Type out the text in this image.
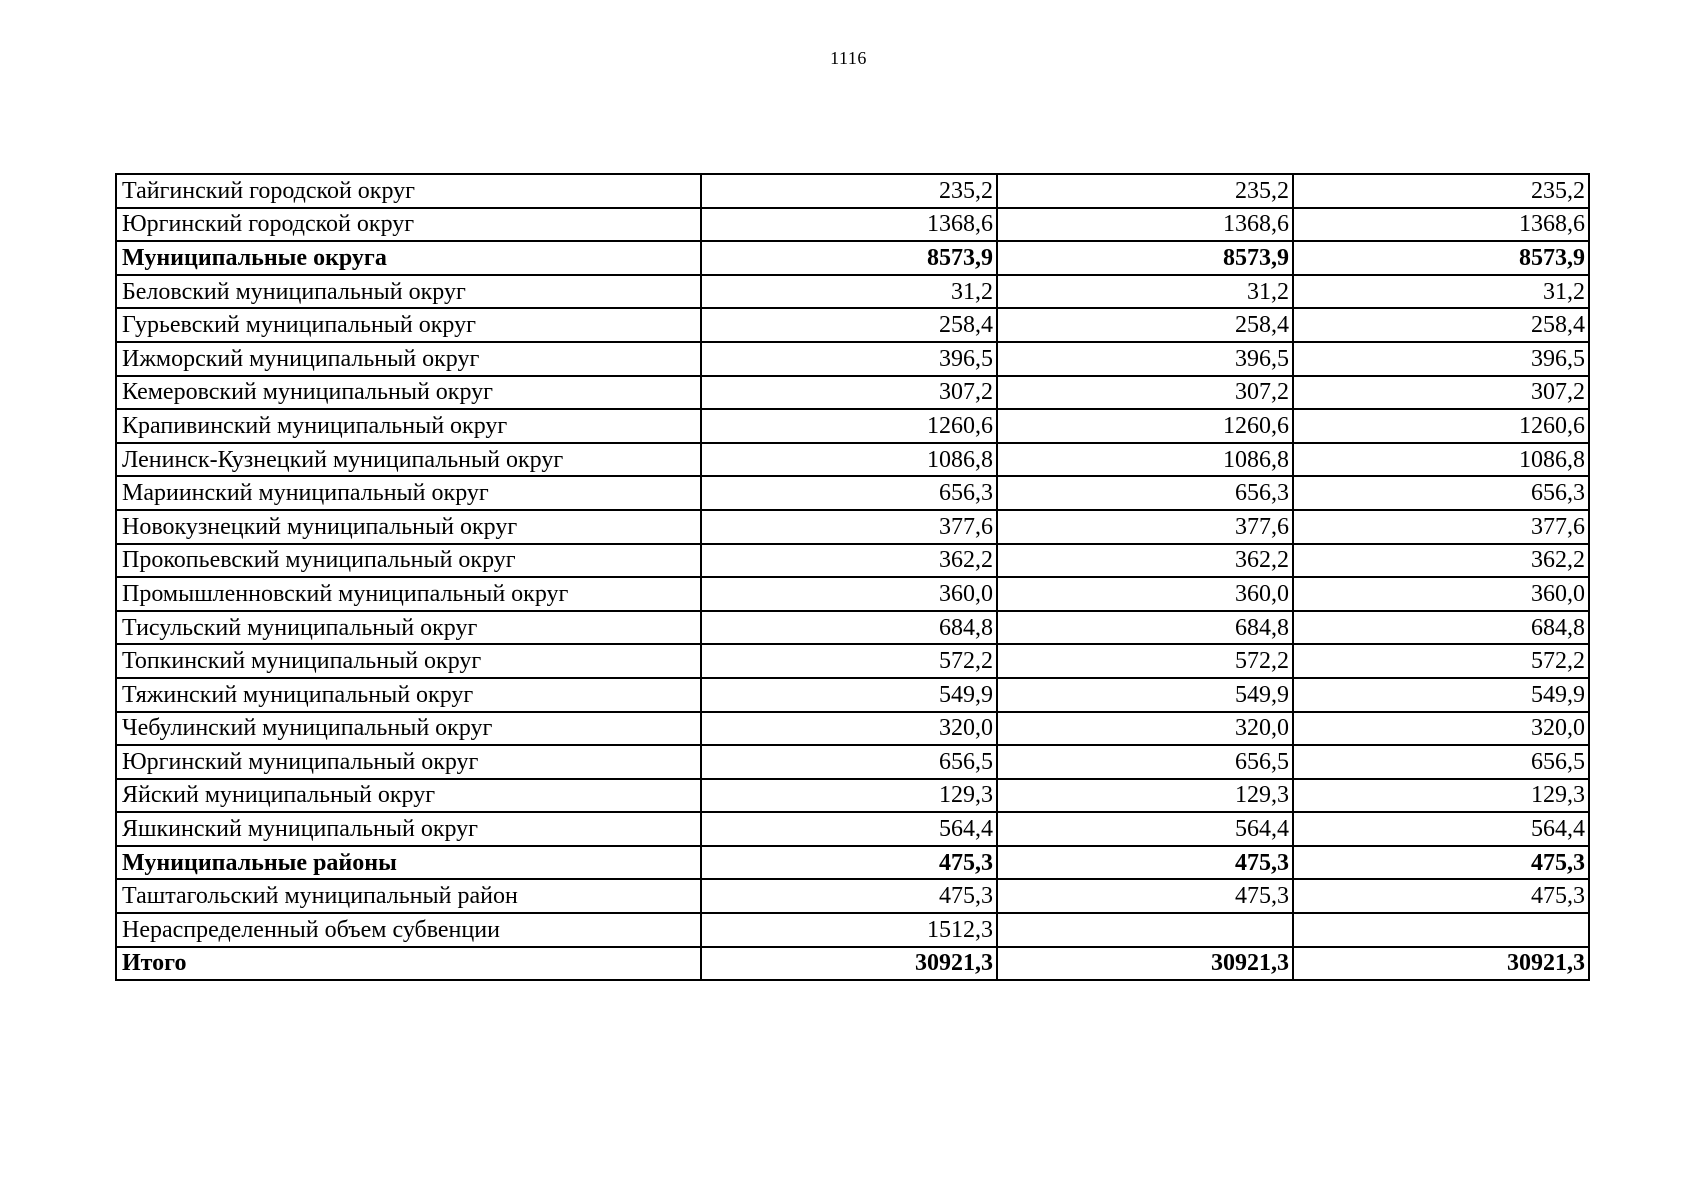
1116
Тайгинский городской округ	235,2	235,2	235,2
Юргинский городской округ	1368,6	1368,6	1368,6
Муниципальные округа	8573,9	8573,9	8573,9
Беловский муниципальный округ	31,2	31,2	31,2
Гурьевский муниципальный округ	258,4	258,4	258,4
Ижморский муниципальный округ	396,5	396,5	396,5
Кемеровский муниципальный округ	307,2	307,2	307,2
Крапивинский муниципальный округ	1260,6	1260,6	1260,6
Ленинск-Кузнецкий муниципальный округ	1086,8	1086,8	1086,8
Мариинский муниципальный округ	656,3	656,3	656,3
Новокузнецкий муниципальный округ	377,6	377,6	377,6
Прокопьевский муниципальный округ	362,2	362,2	362,2
Промышленновский муниципальный округ	360,0	360,0	360,0
Тисульский муниципальный округ	684,8	684,8	684,8
Топкинский муниципальный округ	572,2	572,2	572,2
Тяжинский муниципальный округ	549,9	549,9	549,9
Чебулинский муниципальный округ	320,0	320,0	320,0
Юргинский муниципальный округ	656,5	656,5	656,5
Яйский муниципальный округ	129,3	129,3	129,3
Яшкинский муниципальный округ	564,4	564,4	564,4
Муниципальные районы	475,3	475,3	475,3
Таштагольский муниципальный район	475,3	475,3	475,3
Нераспределенный объем субвенции	1512,3		
Итого	30921,3	30921,3	30921,3
